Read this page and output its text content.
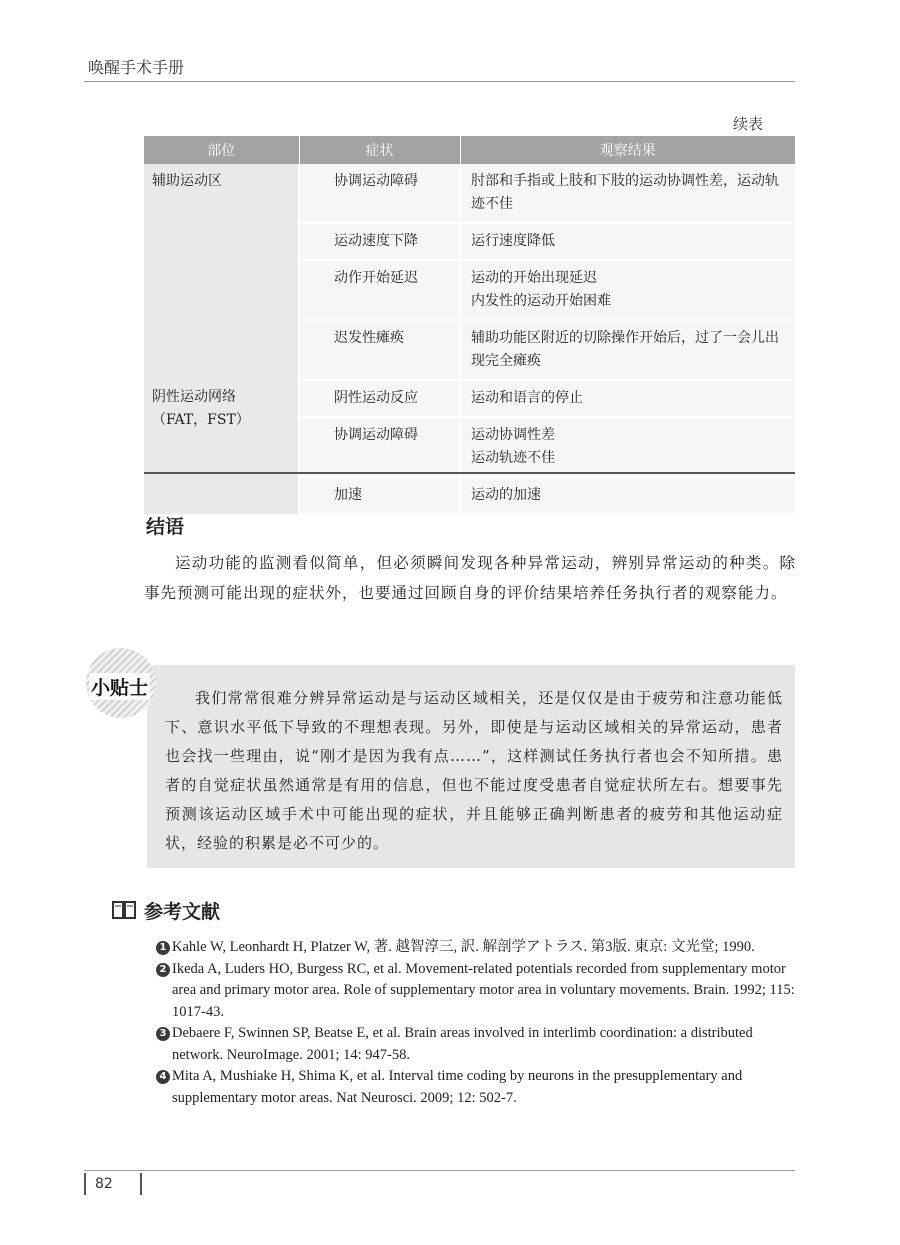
唤醒手术手册
续表
部位	症状	观察结果
辅助运动区	协调运动障碍	肘部和手指或上肢和下肢的运动协调性差，运动轨迹不佳
	运动速度下降	运行速度降低
	动作开始延迟	运动的开始出现延迟
内发性的运动开始困难
	迟发性瘫痪	辅助功能区附近的切除操作开始后，过了一会儿出现完全瘫痪
阴性运动网络（FAT，FST）	阴性运动反应	运动和语言的停止
	协调运动障碍	运动协调性差
运动轨迹不佳
	加速	运动的加速
结语

运动功能的监测看似简单，但必须瞬间发现各种异常运动，辨别异常运动的种类。除事先预测可能出现的症状外，也要通过回顾自身的评价结果培养任务执行者的观察能力。

小贴士	我们常常很难分辨异常运动是与运动区域相关，还是仅仅是由于疲劳和注意功能低下、意识水平低下导致的不理想表现。另外，即使是与运动区域相关的异常运动，患者也会找一些理由，说“刚才是因为我有点……”，这样测试任务执行者也会不知所措。患者的自觉症状虽然通常是有用的信息，但也不能过度受患者自觉症状所左右。想要事先预测该运动区域手术中可能出现的症状，并且能够正确判断患者的疲劳和其他运动症状，经验的积累是必不可少的。

参考文献
1 Kahle W, Leonhardt H, Platzer W, 著. 越智淳三, 訳. 解剖学アトラス. 第3版. 東京: 文光堂; 1990.
2 Ikeda A, Luders HO, Burgess RC, et al. Movement-related potentials recorded from supplementary motor area and primary motor area. Role of supplementary motor area in voluntary movements. Brain. 1992; 115: 1017-43.
3 Debaere F, Swinnen SP, Beatse E, et al. Brain areas involved in interlimb coordination: a distributed network. NeuroImage. 2001; 14: 947-58.
4 Mita A, Mushiake H, Shima K, et al. Interval time coding by neurons in the presupplementary and supplementary motor areas. Nat Neurosci. 2009; 12: 502-7.
82
